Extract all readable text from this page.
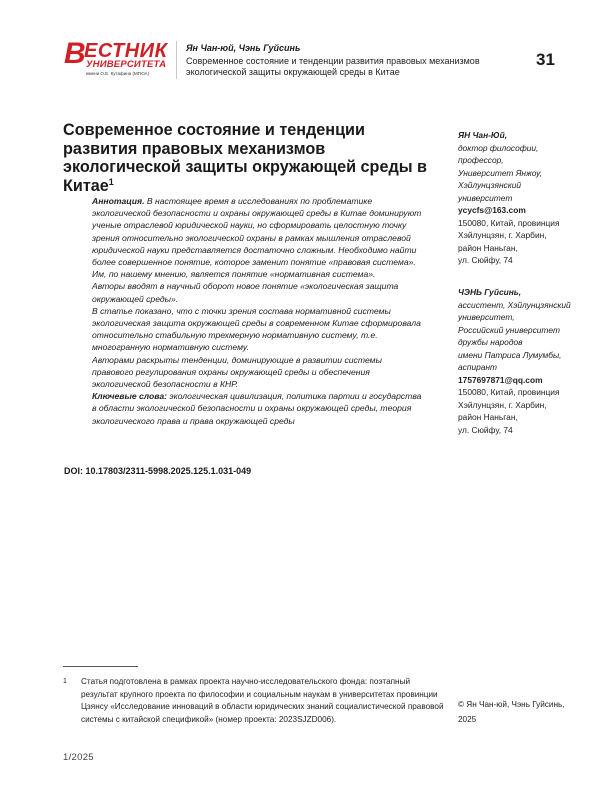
В
ЕСТНИК
УНИВЕРСИТЕТА
имени О.Е. Кутафина (МГЮА)
Ян Чан-юй, Чэнь Гуйсинь
Современное состояние и тенденции развития правовых механизмов экологической защиты окружающей среды в Китае
31
Современное состояние и тенденции развития правовых механизмов экологической защиты окружающей среды в Китае$^1$

Аннотация. В настоящее время в исследованиях по проблематике экологической безопасности и охраны окружающей среды в Китае доминируют ученые отраслевой юридической науки, но сформировать целостную точку зрения относительно экологической охраны в рамках мышления отраслевой юридической науки представляется достаточно сложным. Необходимо найти более совершенное понятие, которое заменит понятие «правовая система». Им, по нашему мнению, является понятие «нормативная система».

Авторы вводят в научный оборот новое понятие «экологическая защита окружающей среды».

В статье показано, что с точки зрения состава нормативной системы экологическая защита окружающей среды в современном Китае сформировала относительно стабильную трехмерную нормативную систему, т.е. многогранную нормативную систему.

Авторами раскрыты тенденции, доминирующие в развитии системы правового регулирования охраны окружающей среды и обеспечения экологической безопасности в КНР.

Ключевые слова: экологическая цивилизация, политика партии и государства в области экологической безопасности и охраны окружающей среды, теория экологического права и права окружающей среды

DOI: 10.17803/2311-5998.2025.125.1.031-049
ЯН Чан-Юй,
доктор философии,
профессор,
Университет Янжоу,
Хэйлунцзянский
университет
ycycfs@163.com
150080, Китай, провинция
Хэйлунцзян, г. Харбин,
район Наньган,
ул. Сюйфу, 74
ЧЭНЬ Гуйсинь,
ассистент, Хэйлунцзянский
университет,
Российский университет
дружбы народов
имени Патриса Лумумбы,
аспирант
1757697871@qq.com
150080, Китай, провинция
Хэйлунцзян, г. Харбин,
район Наньган,
ул. Сюйфу, 74
1 Статья подготовлена в рамках проекта научно-исследовательского фонда: поэтапный результат крупного проекта по философии и социальным наукам в университетах провинции Цзянсу «Исследование инноваций в области юридических знаний социалистической правовой системы с китайской спецификой» (номер проекта: 2023SJZD006).
© Ян Чан-юй, Чэнь Гуйсинь,
2025
1/2025
